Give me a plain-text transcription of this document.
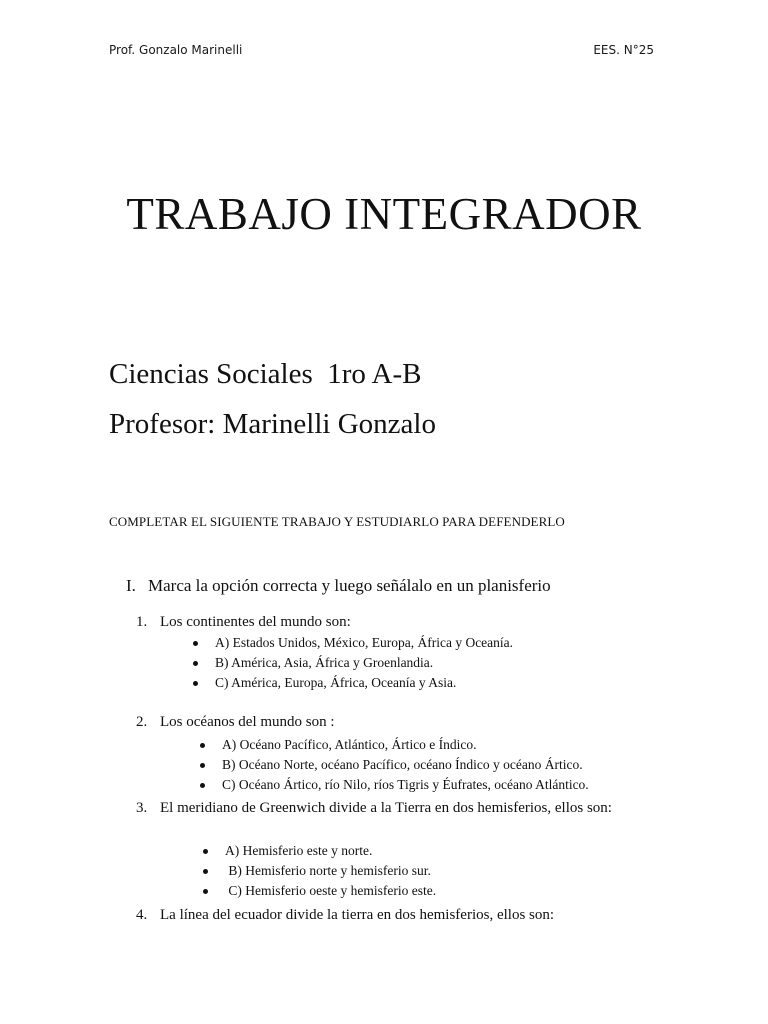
Prof. Gonzalo Marinelli	EES. N°25
TRABAJO INTEGRADOR
Ciencias Sociales  1ro A-B
Profesor: Marinelli Gonzalo
COMPLETAR EL SIGUIENTE TRABAJO Y ESTUDIARLO PARA DEFENDERLO
I. Marca la opción correcta y luego señálalo en un planisferio
1. Los continentes del mundo son:
A) Estados Unidos, México, Europa, África y Oceanía.
B) América, Asia, África y Groenlandia.
C) América, Europa, África, Oceanía y Asia.
2. Los océanos del mundo son :
A) Océano Pacífico, Atlántico, Ártico e Índico.
B) Océano Norte, océano Pacífico, océano Índico y océano Ártico.
C) Océano Ártico, río Nilo, ríos Tigris y Éufrates, océano Atlántico.
3. El meridiano de Greenwich divide a la Tierra en dos hemisferios, ellos son:
A) Hemisferio este y norte.
B) Hemisferio norte y hemisferio sur.
C) Hemisferio oeste y hemisferio este.
4. La línea del ecuador divide la tierra en dos hemisferios, ellos son:
